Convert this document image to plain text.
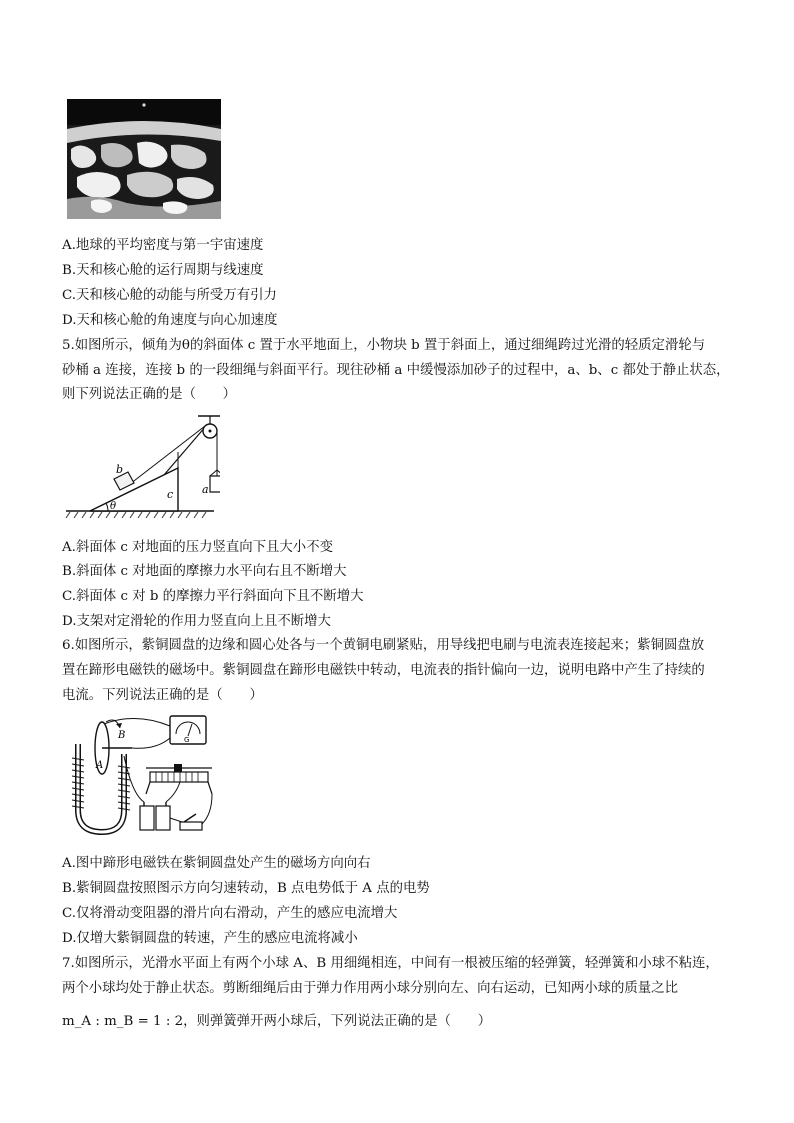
A.地球的平均密度与第一宇宙速度
B.天和核心舱的运行周期与线速度
C.天和核心舱的动能与所受万有引力
D.天和核心舱的角速度与向心加速度
5.如图所示，倾角为θ的斜面体 c 置于水平地面上，小物块 b 置于斜面上，通过细绳跨过光滑的轻质定滑轮与
砂桶 a 连接，连接 b 的一段细绳与斜面平行。现往砂桶 a 中缓慢添加砂子的过程中，a、b、c 都处于静止状态，
则下列说法正确的是（　　）
b
c	a
θ
A.斜面体 c 对地面的压力竖直向下且大小不变
B.斜面体 c 对地面的摩擦力水平向右且不断增大
C.斜面体 c 对 b 的摩擦力平行斜面向下且不断增大
D.支架对定滑轮的作用力竖直向上且不断增大
6.如图所示，紫铜圆盘的边缘和圆心处各与一个黄铜电刷紧贴，用导线把电刷与电流表连接起来；紫铜圆盘放
置在蹄形电磁铁的磁场中。紫铜圆盘在蹄形电磁铁中转动，电流表的指针偏向一边，说明电路中产生了持续的
电流。下列说法正确的是（　　）
G
A
B
A.图中蹄形电磁铁在紫铜圆盘处产生的磁场方向向右
B.紫铜圆盘按照图示方向匀速转动，B 点电势低于 A 点的电势
C.仅将滑动变阻器的滑片向右滑动，产生的感应电流增大
D.仅增大紫铜圆盘的转速，产生的感应电流将减小
7.如图所示，光滑水平面上有两个小球 A、B 用细绳相连，中间有一根被压缩的轻弹簧，轻弹簧和小球不粘连，
两个小球均处于静止状态。剪断细绳后由于弹力作用两小球分别向左、向右运动，已知两小球的质量之比
m_A : m_B = 1 : 2，则弹簧弹开两小球后，下列说法正确的是（　　）
